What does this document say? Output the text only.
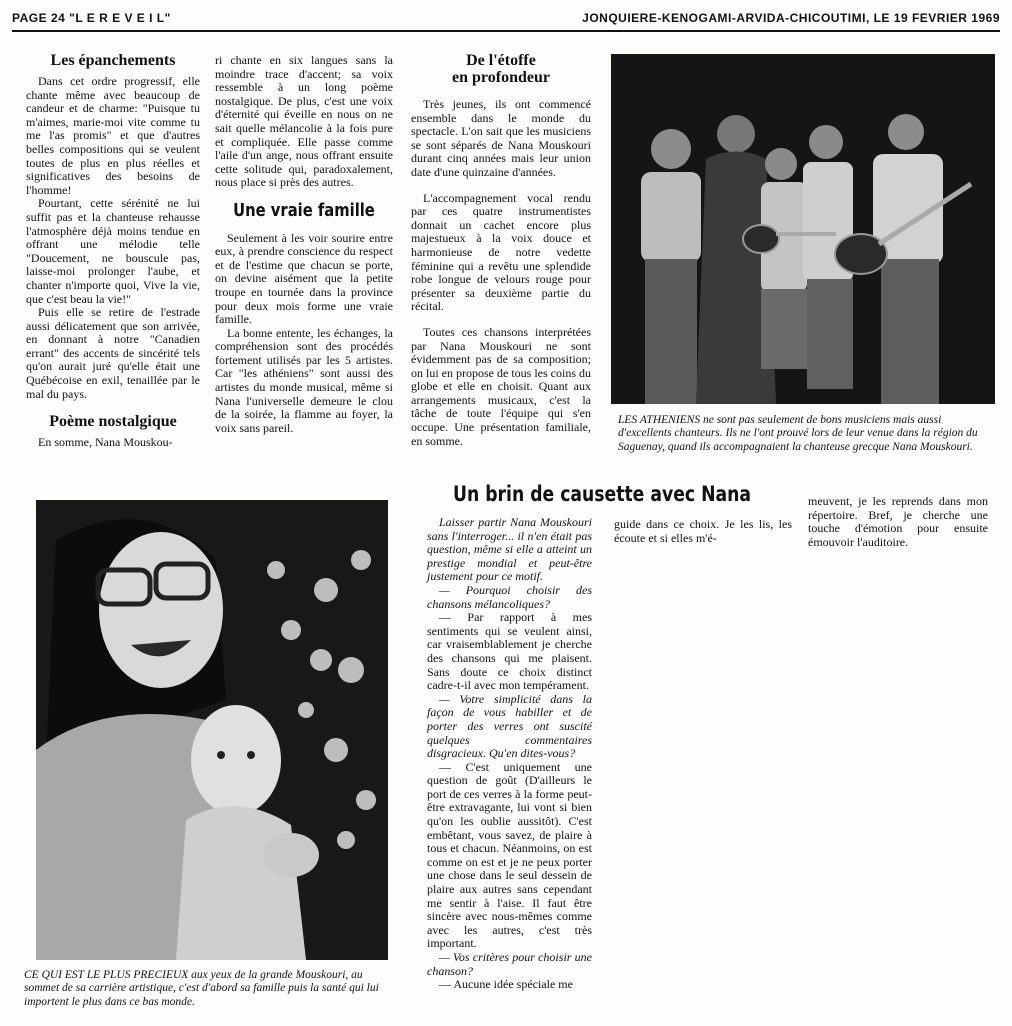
PAGE 24 "L E R E V E I L"	JONQUIERE-KENOGAMI-ARVIDA-CHICOUTIMI, LE 19 FEVRIER 1969
Les épanchements

Dans cet ordre progressif, elle chante même avec beaucoup de candeur et de charme: "Puisque tu m'aimes, marie-moi vite comme tu me l'as promis" et que d'autres belles compositions qui se veulent toutes de plus en plus réelles et significatives des besoins de l'homme!

Pourtant, cette sérénité ne lui suffit pas et la chanteuse rehausse l'atmosphère déjà moins tendue en offrant une mélodie telle "Doucement, ne bouscule pas, laisse-moi prolonger l'aube, et chanter n'importe quoi, Vive la vie, que c'est beau la vie!"

Puis elle se retire de l'estrade aussi délicatement que son arrivée, en donnant à notre "Canadien errant" des accents de sincérité tels qu'on aurait juré qu'elle était une Québécoise en exil, tenaillée par le mal du pays.

Poème nostalgique

En somme, Nana Mouskou-

ri chante en six langues sans la moindre trace d'accent; sa voix ressemble à un long poème nostalgique. De plus, c'est une voix d'éternité qui éveille en nous on ne sait quelle mélancolie à la fois pure et compliquée. Elle passe comme l'aile d'un ange, nous offrant ensuite cette solitude qui, paradoxalement, nous place si près des autres.

Une vraie famille

Seulement à les voir sourire entre eux, à prendre conscience du respect et de l'estime que chacun se porte, on devine aisément que la petite troupe en tournée dans la province pour deux mois forme une vraie famille.

La bonne entente, les échanges, la compréhension sont des procédés fortement utilisés par les 5 artistes. Car "les athéniens" sont aussi des artistes du monde musical, même si Nana l'universelle demeure le clou de la soirée, la flamme au foyer, la voix sans pareil.

De l'étoffe
en profondeur

Très jeunes, ils ont commencé ensemble dans le monde du spectacle. L'on sait que les musiciens se sont séparés de Nana Mouskouri durant cinq années mais leur union date d'une quinzaine d'années.

L'accompagnement vocal rendu par ces quatre instrumentistes donnait un cachet encore plus majestueux à la voix douce et harmonieuse de notre vedette féminine qui a revêtu une splendide robe longue de velours rouge pour présenter sa deuxième partie du récital.

Toutes ces chansons interprétées par Nana Mouskouri ne sont évidemment pas de sa composition; on lui en propose de tous les coins du globe et elle en choisit. Quant aux arrangements musicaux, c'est la tâche de toute l'équipe qui s'en occupe. Une présentation familiale, en somme.

LES ATHENIENS ne sont pas seulement de bons musiciens mais aussi d'excellents chanteurs. Ils ne l'ont prouvé lors de leur venue dans la région du Saguenay, quand ils accompagnaient la chanteuse grecque Nana Mouskouri.
Un brin de causette avec Nana

Laisser partir Nana Mouskouri sans l'interroger... il n'en était pas question, même si elle a atteint un prestige mondial et peut-être justement pour ce motif.

— Pourquoi choisir des chansons mélancoliques?

— Par rapport à mes sentiments qui se veulent ainsi, car vraisemblablement je cherche des chansons qui me plaisent. Sans doute ce choix distinct cadre-t-il avec mon tempérament.

— Votre simplicité dans la façon de vous habiller et de porter des verres ont suscité quelques commentaires disgracieux. Qu'en dites-vous?

— C'est uniquement une question de goût (D'ailleurs le port de ces verres à la forme peut-être extravagante, lui vont si bien qu'on les oublie aussitôt). C'est embêtant, vous savez, de plaire à tous et chacun. Néanmoins, on est comme on est et je ne peux porter une chose dans le seul dessein de plaire aux autres sans cependant me sentir à l'aise. Il faut être sincère avec nous-mêmes comme avec les autres, c'est très important.

— Vos critères pour choisir une chanson?

— Aucune idée spéciale me

guide dans ce choix. Je les lis, les écoute et si elles m'é-

meuvent, je les reprends dans mon répertoire. Bref, je cherche une touche d'émotion pour ensuite émouvoir l'auditoire.

CE QUI EST LE PLUS PRECIEUX aux yeux de la grande Mouskouri, au sommet de sa carrière artistique, c'est d'abord sa famille puis la santé qui lui importent le plus dans ce bas monde.
